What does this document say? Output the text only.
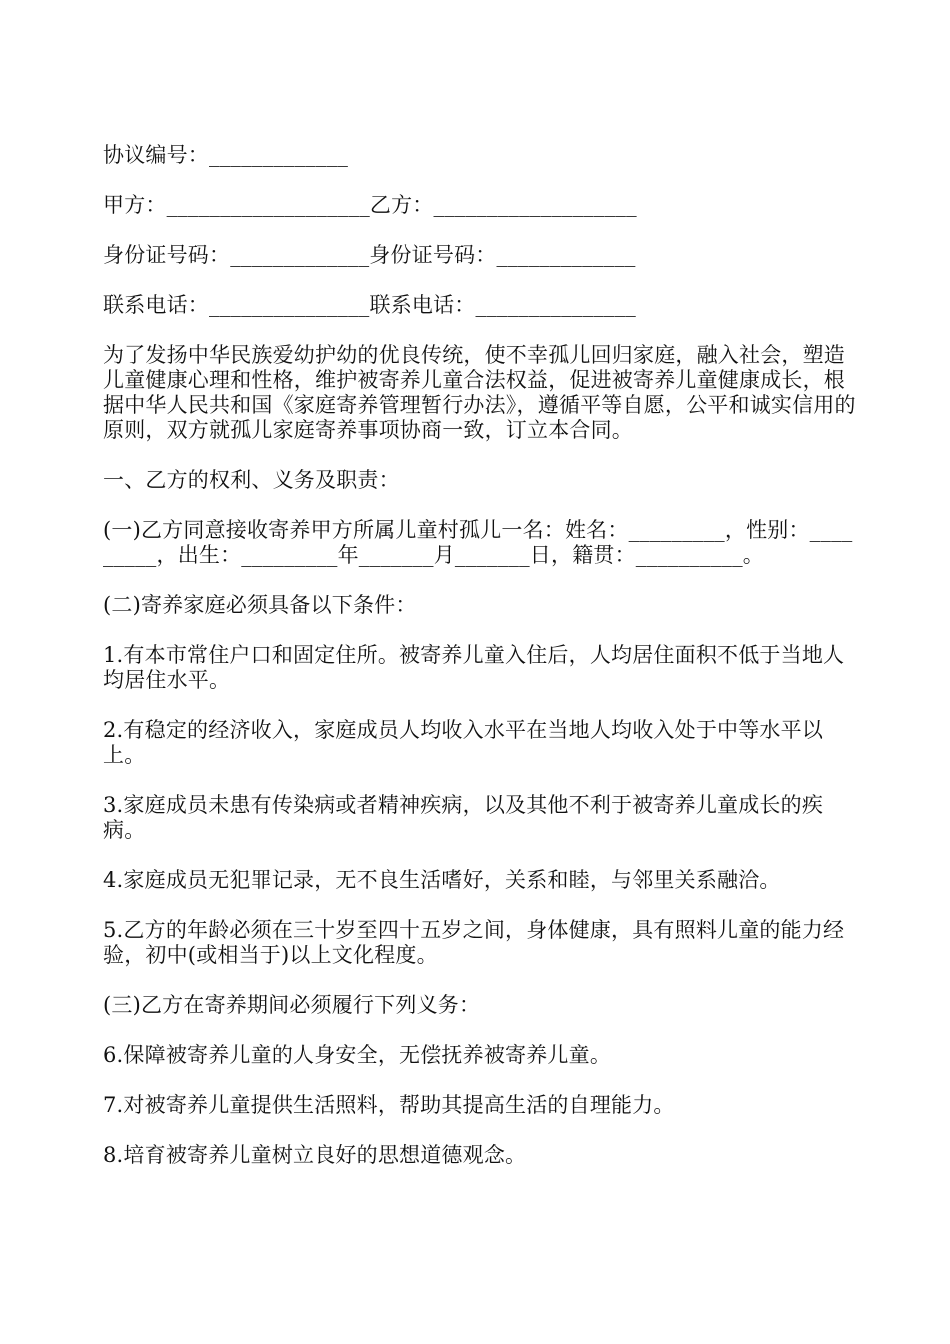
协议编号：_____________

甲方：___________________乙方：___________________

身份证号码：_____________身份证号码：_____________

联系电话：_______________联系电话：_______________

为了发扬中华民族爱幼护幼的优良传统，使不幸孤儿回归家庭，融入社会，塑造儿童健康心理和性格，维护被寄养儿童合法权益，促进被寄养儿童健康成长，根据中华人民共和国《家庭寄养管理暂行办法》，遵循平等自愿，公平和诚实信用的原则，双方就孤儿家庭寄养事项协商一致，订立本合同。

一、乙方的权利、义务及职责：

(一)乙方同意接收寄养甲方所属儿童村孤儿一名：姓名：_________，性别：_________，出生：_________年_______月_______日，籍贯：__________。

(二)寄养家庭必须具备以下条件：

1.有本市常住户口和固定住所。被寄养儿童入住后，人均居住面积不低于当地人均居住水平。

2.有稳定的经济收入，家庭成员人均收入水平在当地人均收入处于中等水平以上。

3.家庭成员未患有传染病或者精神疾病，以及其他不利于被寄养儿童成长的疾病。

4.家庭成员无犯罪记录，无不良生活嗜好，关系和睦，与邻里关系融洽。

5.乙方的年龄必须在三十岁至四十五岁之间，身体健康，具有照料儿童的能力经验，初中(或相当于)以上文化程度。

(三)乙方在寄养期间必须履行下列义务：

6.保障被寄养儿童的人身安全，无偿抚养被寄养儿童。

7.对被寄养儿童提供生活照料，帮助其提高生活的自理能力。

8.培育被寄养儿童树立良好的思想道德观念。
